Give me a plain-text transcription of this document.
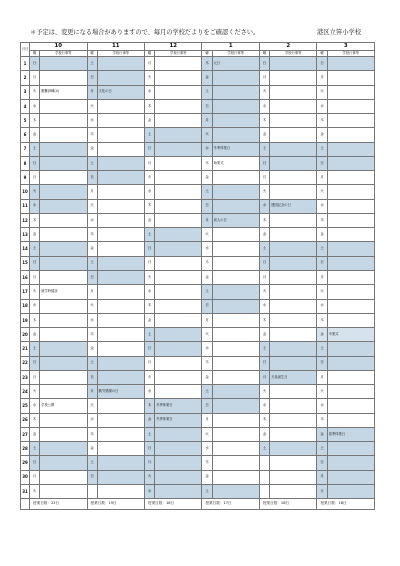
＊予定は、変更になる場合がありますので、毎月の学校だよりをご確認ください。	港区立笄小学校
月日	10		11		12		1		2		3	
	曜	学校行事等	曜	学校行事等	曜	学校行事等	曜	学校行事等	曜	学校行事等	曜	学校行事等
1	日		土		月		木	元日	日		日	
2	月		日		火		金		月		月	
3	火	避難訓練(4)	月	文化の日	水		土		火		火	
4	水		火		木		日		水		水	
5	木		水		金		月		木		木	
6	金		木		土		火		金		金	
7	土		金		日		水	冬季休業日	土		土	
8	日		土		月		木	始業式	日		日	
9	月		日		火		金		月		月	
10	火		月		水		土		火		火	
11	水		火		木		日		水	建国記念の日	水	
12	木		水		金		月	成人の日	木		木	
13	金		木		土		火		金		金	
14	土		金		日		水		土		土	
15	日		土		月		木		日		日	
16	月		日		火		金		月		月	
17	火	就学時健診	月		水		土		火		火	
18	水		火		木		日		水		水	
19	木		水		金		月		木		木	
20	金		木		土		火		金		金	卒業式
21	土		金		日		水		土		土	
22	日		土		月		木		日		日	
23	月		日		火		金		月	天皇誕生日	月	
24	火		月	勤労感謝の日	水		土		火		火	
25	水	学校公開	火		木	冬季休業日	日		水		水	
26	木		水		金	冬季休業日	月		木		木	
27	金		木		土		火		金		金	春季休業日
28	土		金		日		水		土		土	
29	日		土		月		木				日	
30	月		日		火		金				月	
31	火				水		土				火	
	授業日数：22日		授業日数：19日		授業日数：18日		授業日数：17日		授業日数：18日		授業日数：18日	
